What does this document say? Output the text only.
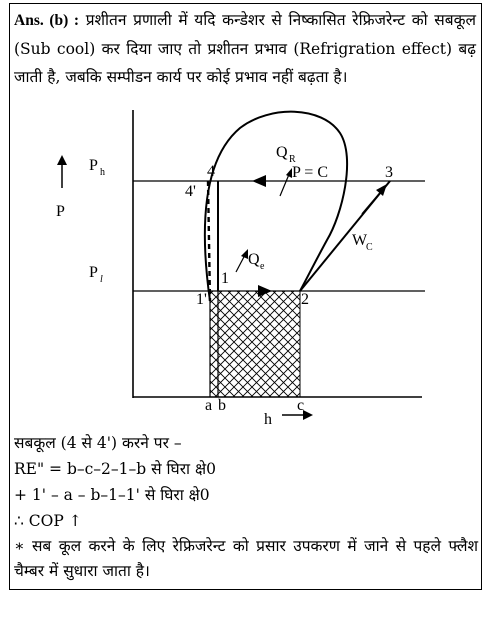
Ans. (b) : प्रशीतन प्रणाली में यदि कन्डेशर से निष्कासित रेफ्रिजरेन्ट को सबकूल (Sub cool) कर दिया जाए तो प्रशीतन प्रभाव (Refrigration effect) बढ़ जाती है, जबकि सम्पीडन कार्य पर कोई प्रभाव नहीं बढ़ता है।
P
h
P h
P l
Q R
P = C
Q e
W
C
4
4'
3
1
1'	2
a b	c
सबकूल (4 से 4') करने पर –
RE" = b–c–2–1–b से घिरा क्षे0
+ 1' – a – b–1–1' से घिरा क्षे0
∴ COP ↑
∗ सब कूल करने के लिए रेफ्रिजरेन्ट को प्रसार उपकरण में जाने से पहले फ्लैश चैम्बर में सुधारा जाता है।
